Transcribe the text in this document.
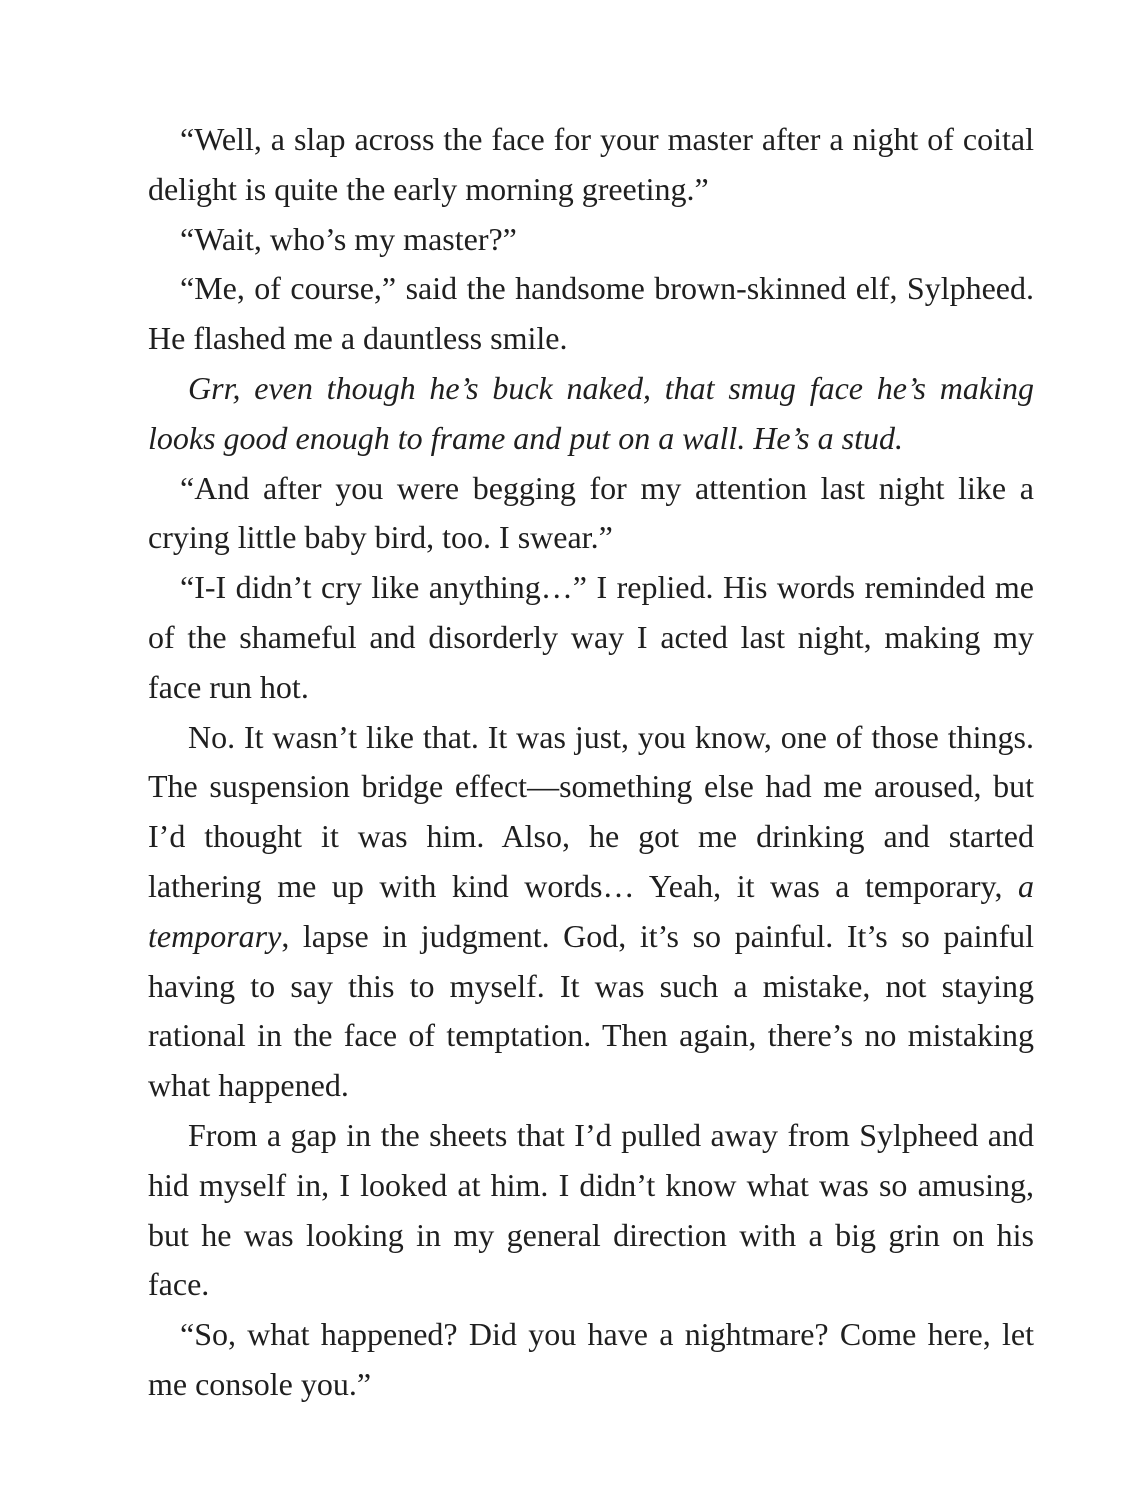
“Well, a slap across the face for your master after a night of coital delight is quite the early morning greeting.”

“Wait, who’s my master?”

“Me, of course,” said the handsome brown-skinned elf, Sylpheed. He flashed me a dauntless smile.

Grr, even though he’s buck naked, that smug face he’s making looks good enough to frame and put on a wall. He’s a stud.

“And after you were begging for my attention last night like a crying little baby bird, too. I swear.”

“I-I didn’t cry like anything…” I replied. His words reminded me of the shameful and disorderly way I acted last night, making my face run hot.

No. It wasn’t like that. It was just, you know, one of those things. The suspension bridge effect—something else had me aroused, but I’d thought it was him. Also, he got me drinking and started lathering me up with kind words… Yeah, it was a temporary, a temporary, lapse in judgment. God, it’s so painful. It’s so painful having to say this to myself. It was such a mistake, not staying rational in the face of temptation. Then again, there’s no mistaking what happened.

From a gap in the sheets that I’d pulled away from Sylpheed and hid myself in, I looked at him. I didn’t know what was so amusing, but he was looking in my general direction with a big grin on his face.

“So, what happened? Did you have a nightmare? Come here, let me console you.”
